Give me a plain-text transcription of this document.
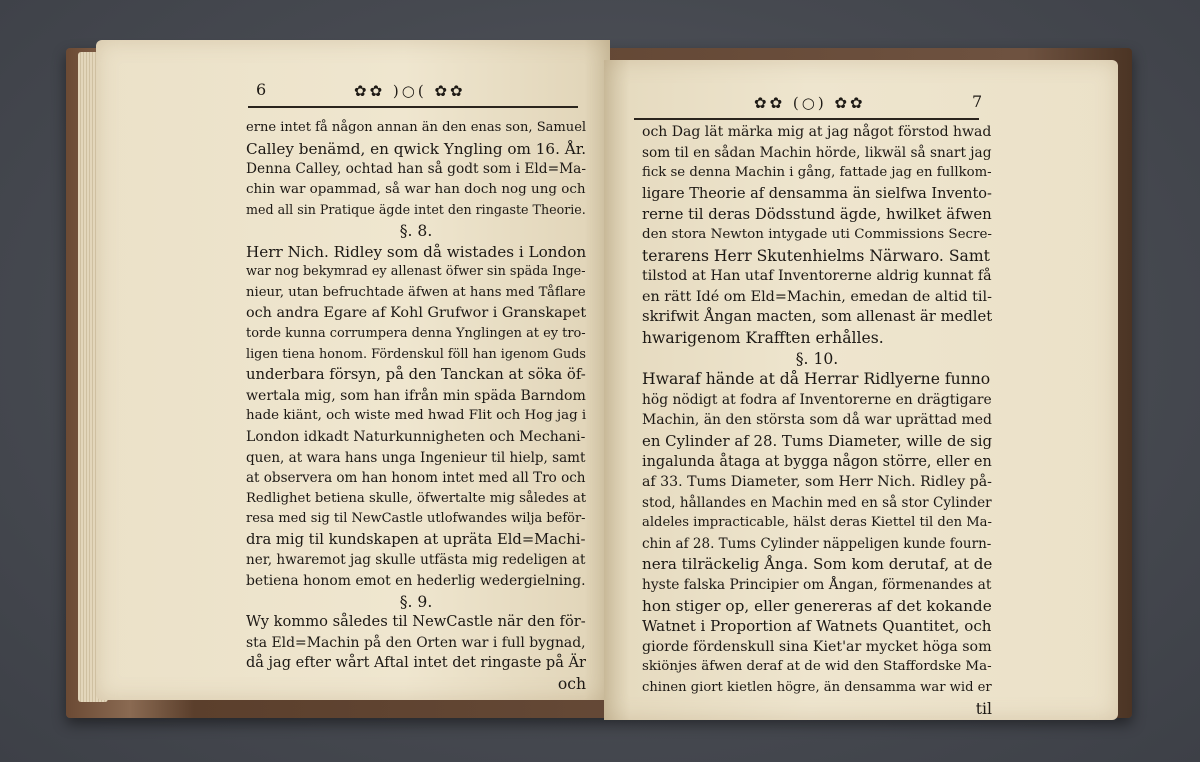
6	✿✿ )○( ✿✿
erne intet få någon annan än den enas son, Samuel
Calley benämd, en qwick Yngling om 16. År.
Denna Calley, ochtad han så godt som i Eld=Ma-
chin war opammad, så war han doch nog ung och
med all sin Pratique ägde intet den ringaste Theorie.
§. 8.
Herr Nich. Ridley som då wistades i London
war nog bekymrad ey allenast öfwer sin späda Inge-
nieur, utan befruchtade äfwen at hans med Tåflare
och andra Egare af Kohl Grufwor i Granskapet
torde kunna corrumpera denna Ynglingen at ey tro-
ligen tiena honom. Fördenskul föll han igenom Guds
underbara försyn, på den Tanckan at söka öf-
wertala mig, som han ifrån min späda Barndom
hade kiänt, och wiste med hwad Flit och Hog jag i
London idkadt Naturkunnigheten och Mechani-
quen, at wara hans unga Ingenieur til hielp, samt
at observera om han honom intet med all Tro och
Redlighet betiena skulle, öfwertalte mig således at
resa med sig til NewCastle utlofwandes wilja beför-
dra mig til kundskapen at upräta Eld=Machi-
ner, hwaremot jag skulle utfästa mig redeligen at
betiena honom emot en hederlig wedergielning.
§. 9.
Wy kommo således til NewCastle när den för-
sta Eld=Machin på den Orten war i full bygnad,
då jag efter wårt Aftal intet det ringaste på Är
och
✿✿ (○) ✿✿	7
och Dag lät märka mig at jag något förstod hwad
som til en sådan Machin hörde, likwäl så snart jag
fick se denna Machin i gång, fattade jag en fullkom-
ligare Theorie af densamma än sielfwa Invento-
rerne til deras Dödsstund ägde, hwilket äfwen
den stora Newton intygade uti Commissions Secre-
terarens Herr Skutenhielms Närwaro. Samt
tilstod at Han utaf Inventorerne aldrig kunnat få
en rätt Idé om Eld=Machin, emedan de altid til-
skrifwit Ångan macten, som allenast är medlet
hwarigenom Krafften erhålles.
§. 10.
Hwaraf hände at då Herrar Ridlyerne funno
hög nödigt at fodra af Inventorerne en drägtigare
Machin, än den största som då war uprättad med
en Cylinder af 28. Tums Diameter, wille de sig
ingalunda åtaga at bygga någon större, eller en
af 33. Tums Diameter, som Herr Nich. Ridley på-
stod, hållandes en Machin med en så stor Cylinder
aldeles impracticable, hälst deras Kiettel til den Ma-
chin af 28. Tums Cylinder näppeligen kunde fourn-
nera tilräckelig Ånga. Som kom derutaf, at de
hyste falska Principier om Ångan, förmenandes at
hon stiger op, eller genereras af det kokande
Watnet i Proportion af Watnets Quantitet, och
giorde fördenskull sina Kiet'ar mycket höga som
skiönjes äfwen deraf at de wid den Staffordske Ma-
chinen giort kietlen högre, än densamma war wid er
til
